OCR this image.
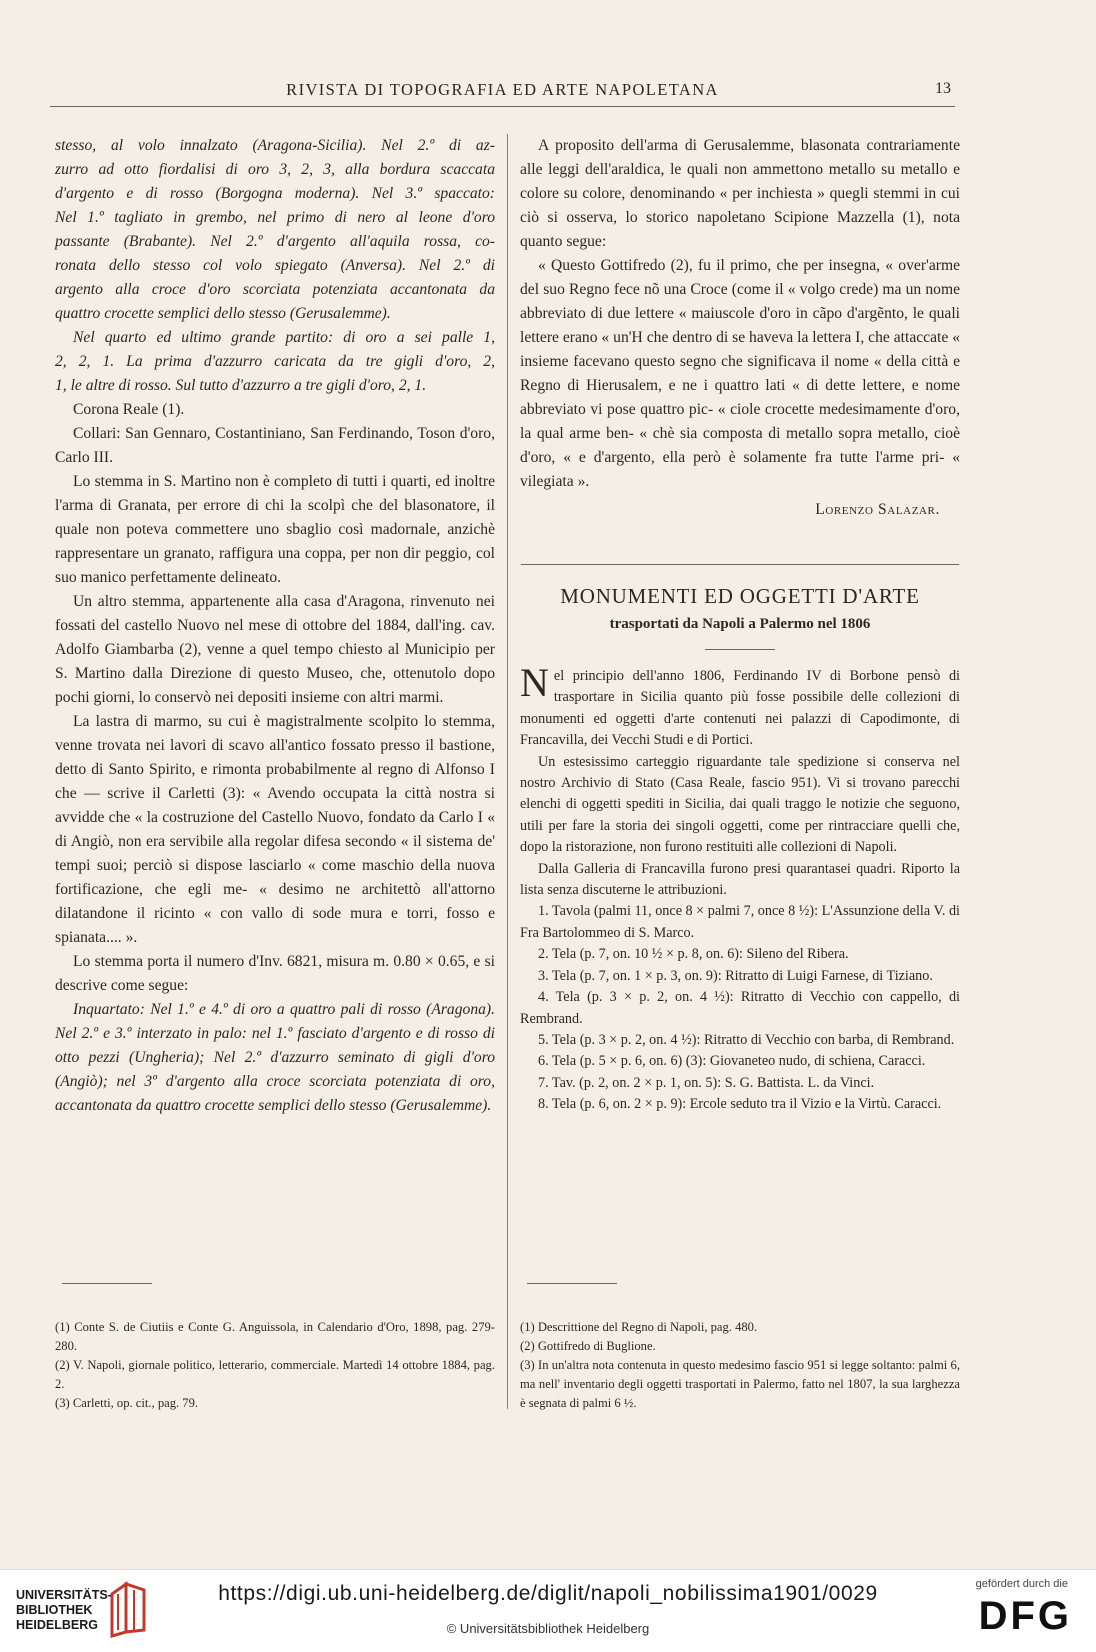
RIVISTA DI TOPOGRAFIA ED ARTE NAPOLETANA	13
stesso, al volo innalzato (Aragona-Sicilia). Nel 2.º di az-
zurro ad otto fiordalisi di oro 3, 2, 3, alla bordura scaccata
d'argento e di rosso (Borgogna moderna). Nel 3.º spaccato:
Nel 1.º tagliato in grembo, nel primo di nero al leone d'oro
passante (Brabante). Nel 2.º d'argento all'aquila rossa, co-
ronata dello stesso col volo spiegato (Anversa). Nel 2.º di
argento alla croce d'oro scorciata potenziata accantonata da
quattro crocette semplici dello stesso (Gerusalemme).
Nel quarto ed ultimo grande partito: di oro a sei palle 1,
2, 2, 1. La prima d'azzurro caricata da tre gigli d'oro, 2,
1, le altre di rosso. Sul tutto d'azzurro a tre gigli d'oro, 2, 1.

Corona Reale (1).

Collari: San Gennaro, Costantiniano, San Ferdinando, Toson d'oro, Carlo III.

Lo stemma in S. Martino non è completo di tutti i quarti, ed inoltre l'arma di Granata, per errore di chi la scolpì che del blasonatore, il quale non poteva commettere uno sbaglio così madornale, anzichè rappresentare un granato, raffigura una coppa, per non dir peggio, col suo manico perfettamente delineato.

Un altro stemma, appartenente alla casa d'Aragona, rinvenuto nei fossati del castello Nuovo nel mese di ottobre del 1884, dall'ing. cav. Adolfo Giambarba (2), venne a quel tempo chiesto al Municipio per S. Martino dalla Direzione di questo Museo, che, ottenutolo dopo pochi giorni, lo conservò nei depositi insieme con altri marmi.

La lastra di marmo, su cui è magistralmente scolpito lo stemma, venne trovata nei lavori di scavo all'antico fossato presso il bastione, detto di Santo Spirito, e rimonta probabilmente al regno di Alfonso I che — scrive il Carletti (3): « Avendo occupata la città nostra si avvidde che « la costruzione del Castello Nuovo, fondato da Carlo I « di Angiò, non era servibile alla regolar difesa secondo « il sistema de' tempi suoi; perciò si dispose lasciarlo « come maschio della nuova fortificazione, che egli me- « desimo ne architettò all'attorno dilatandone il ricinto « con vallo di sode mura e torri, fosso e spianata.... ».

Lo stemma porta il numero d'Inv. 6821, misura m. 0.80 × 0.65, e si descrive come segue:

Inquartato: Nel 1.º e 4.º di oro a quattro pali di rosso (Aragona). Nel 2.º e 3.º interzato in palo: nel 1.º fasciato d'argento e di rosso di otto pezzi (Ungheria); Nel 2.º d'azzurro seminato di gigli d'oro (Angiò); nel 3º d'argento alla croce scorciata potenziata di oro, accantonata da quattro crocette semplici dello stesso (Gerusalemme).

A proposito dell'arma di Gerusalemme, blasonata contrariamente alle leggi dell'araldica, le quali non ammettono metallo su metallo e colore su colore, denominando « per inchiesta » quegli stemmi in cui ciò si osserva, lo storico napoletano Scipione Mazzella (1), nota quanto segue:

« Questo Gottifredo (2), fu il primo, che per insegna, « over'arme del suo Regno fece nõ una Croce (come il « volgo crede) ma un nome abbreviato di due lettere « maiuscole d'oro in cãpo d'argẽnto, le quali lettere erano « un'H che dentro di se haveva la lettera I, che attaccate « insieme facevano questo segno che significava il nome « della città e Regno di Hierusalem, e ne i quattro lati « di dette lettere, e nome abbreviato vi pose quattro pic- « ciole crocette medesimamente d'oro, la qual arme ben- « chè sia composta di metallo sopra metallo, cioè d'oro, « e d'argento, ella però è solamente fra tutte l'arme pri- « vilegiata ».

Lorenzo Salazar.
MONUMENTI ED OGGETTI D'ARTE
trasportati da Napoli a Palermo nel 1806

N el principio dell'anno 1806, Ferdinando IV di Borbone pensò di trasportare in Sicilia quanto più fosse possibile delle collezioni di monumenti ed oggetti d'arte contenuti nei palazzi di Capodimonte, di Francavilla, dei Vecchi Studi e di Portici.

Un estesissimo carteggio riguardante tale spedizione si conserva nel nostro Archivio di Stato (Casa Reale, fascio 951). Vi si trovano parecchi elenchi di oggetti spediti in Sicilia, dai quali traggo le notizie che seguono, utili per fare la storia dei singoli oggetti, come per rintracciare quelli che, dopo la ristorazione, non furono restituiti alle collezioni di Napoli.

Dalla Galleria di Francavilla furono presi quarantasei quadri. Riporto la lista senza discuterne le attribuzioni.

1. Tavola (palmi 11, once 8 × palmi 7, once 8 ½): L'Assunzione della V. di Fra Bartolommeo di S. Marco.

2. Tela (p. 7, on. 10 ½ × p. 8, on. 6): Sileno del Ribera.

3. Tela (p. 7, on. 1 × p. 3, on. 9): Ritratto di Luigi Farnese, di Tiziano.

4. Tela (p. 3 × p. 2, on. 4 ½): Ritratto di Vecchio con cappello, di Rembrand.

5. Tela (p. 3 × p. 2, on. 4 ½): Ritratto di Vecchio con barba, di Rembrand.

6. Tela (p. 5 × p. 6, on. 6) (3): Giovaneteo nudo, di schiena, Caracci.

7. Tav. (p. 2, on. 2 × p. 1, on. 5): S. G. Battista. L. da Vinci.

8. Tela (p. 6, on. 2 × p. 9): Ercole seduto tra il Vizio e la Virtù. Caracci.

(1) Conte S. de Ciutiis e Conte G. Anguissola, in Calendario d'Oro, 1898, pag. 279-280.

(2) V. Napoli, giornale politico, letterario, commerciale. Martedì 14 ottobre 1884, pag. 2.

(3) Carletti, op. cit., pag. 79.

(1) Descrittione del Regno di Napoli, pag. 480.

(2) Gottifredo di Buglione.

(3) In un'altra nota contenuta in questo medesimo fascio 951 si legge soltanto: palmi 6, ma nell' inventario degli oggetti trasportati in Palermo, fatto nel 1807, la sua larghezza è segnata di palmi 6 ½.

UNIVERSITÄTS-
BIBLIOTHEK
HEIDELBERG
https://digi.ub.uni-heidelberg.de/diglit/napoli_nobilissima1901/0029
© Universitätsbibliothek Heidelberg
gefördert durch die
DFG
